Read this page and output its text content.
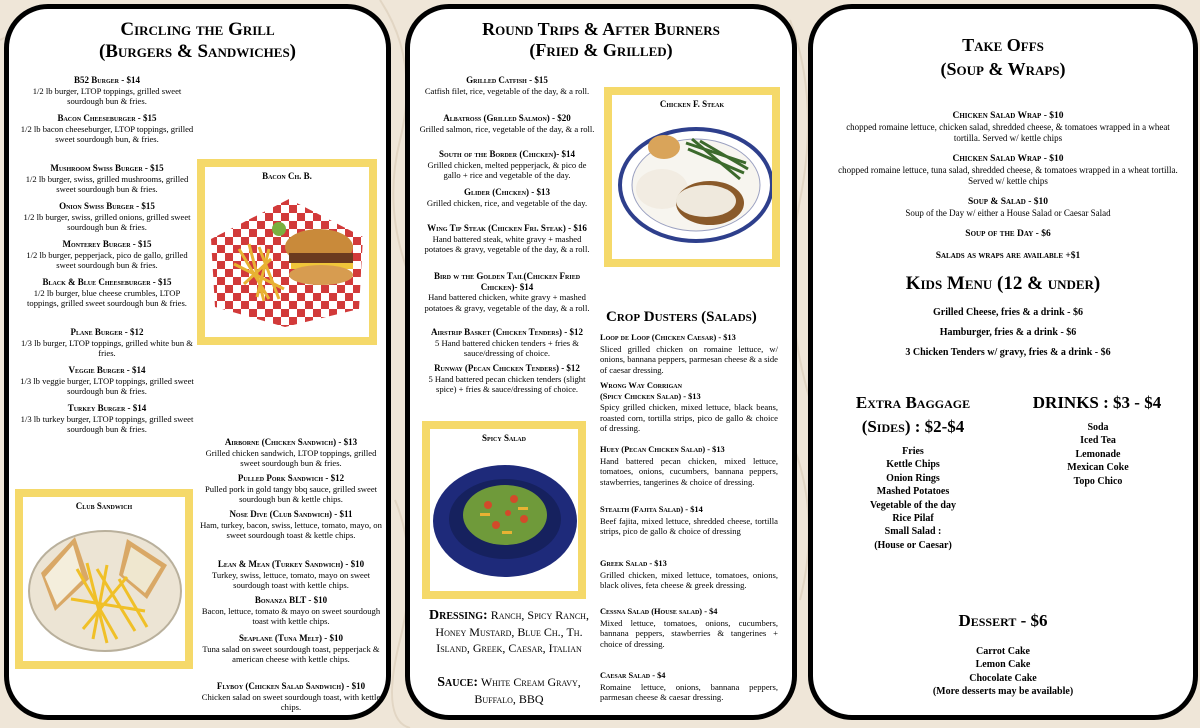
Circling the Grill
(Burgers & Sandwiches)
B52 Burger - $14
1/2 lb burger, LTOP toppings, grilled sweet sourdough bun & fries.
Bacon Cheeseburger - $15
1/2 lb bacon cheeseburger, LTOP toppings, grilled sweet sourdough bun, & fries.
Mushroom Swiss Burger - $15
1/2 lb burger, swiss, grilled mushrooms, grilled sweet sourdough bun & fries.
Onion Swiss Burger - $15
1/2 lb burger, swiss, grilled onions, grilled sweet sourdough bun & fries.
Monterey Burger - $15
1/2 lb burger, pepperjack, pico de gallo, grilled sweet sourdough bun & fries.
Black & Blue Cheeseburger - $15
1/2 lb burger, blue cheese crumbles, LTOP toppings, grilled sweet sourdough bun & fries.
Plane Burger - $12
1/3 lb burger, LTOP toppings, grilled white bun & fries.
Veggie Burger - $14
1/3 lb veggie burger, LTOP toppings, grilled sweet sourdough bun & fries.
Turkey Burger - $14
1/3 lb turkey burger, LTOP toppings, grilled sweet sourdough bun & fries.
Bacon Ch. B.
Club Sandwich
Airborne (Chicken Sandwich) - $13
Grilled chicken sandwich, LTOP toppings, grilled sweet sourdough bun & fries.
Pulled Pork Sandwich - $12
Pulled pork in gold tangy bbq sauce, grilled sweet sourdough bun & kettle chips.
Nose Dive (Club Sandwich) - $11
Ham, turkey, bacon, swiss, lettuce, tomato, mayo, on sweet sourdough toast & kettle chips.
Lean & Mean (Turkey Sandwich) - $10
Turkey, swiss, lettuce, tomato, mayo on sweet sourdough toast with kettle chips.
Bonanza BLT - $10
Bacon, lettuce, tomato & mayo on sweet sourdough toast with kettle chips.
Seaplane (Tuna Melt) - $10
Tuna salad on sweet sourdough toast, pepperjack & american cheese with kettle chips.
Flyboy (Chicken Salad Sandwich) - $10
Chicken salad on sweet sourdough toast, with kettle chips.
Round Trips & After Burners
(Fried & Grilled)
Grilled Catfish - $15
Catfish filet, rice, vegetable of the day, & a roll.
Albatross (Grilled Salmon) - $20
Grilled salmon, rice, vegetable of the day, & a roll.
South of the Border (Chicken)- $14
Grilled chicken, melted pepperjack, & pico de gallo + rice and vegetable of the day.
Glider (Chicken) - $13
Grilled chicken, rice, and vegetable of the day.
Wing Tip Steak (Chicken Fri. Steak) - $16
Hand battered steak, white gravy + mashed potatoes & gravy, vegetable of the day, & a roll.
Bird w the Golden Tail(Chicken Fried Chicken)- $14
Hand battered chicken, white gravy + mashed potatoes & gravy, vegetable of the day, & a roll.
Airstrip Basket (Chicken Tenders) - $12
5 Hand battered chicken tenders + fries & sauce/dressing of choice.
Runway (Pecan Chicken Tenders) - $12
5 Hand battered pecan chicken tenders (slight spice) + fries & sauce/dressing of choice.
Chicken F. Steak
Spicy Salad
Crop Dusters (Salads)
Loop de Loop (Chicken Caesar) - $13
Sliced grilled chicken on romaine lettuce, w/ onions, bannana peppers, parmesan cheese & a side of caesar dressing.
Wrong Way Corrigan
(Spicy Chicken Salad) - $13
Spicy grilled chicken, mixed lettuce, black beans, roasted corn, tortilla strips, pico de gallo & choice of dressing.
Huey (Pecan Chicken Salad) - $13
Hand battered pecan chicken, mixed lettuce, tomatoes, onions, cucumbers, bannana peppers, stawberries, tangerines & choice of dressing.
Stealth (Fajita Salad) - $14
Beef fajita, mixed lettuce, shredded cheese, tortilla strips, pico de gallo & choice of dressing
Greek Salad - $13
Grilled chicken, mixed lettuce, tomatoes, onions, black olives, feta cheese & greek dressing.
Cessna Salad (House salad) - $4
Mixed lettuce, tomatoes, onions, cucumbers, bannana peppers, stawberries & tangerines + choice of dressing.
Caesar Salad - $4
Romaine lettuce, onions, bannana peppers, parmesan cheese & caesar dressing.
Dressing: Ranch, Spicy Ranch, Honey Mustard, Blue Ch., Th. Island, Greek, Caesar, Italian
Sauce: White Cream Gravy, Buffalo, BBQ
Take Offs
(Soup & Wraps)
Chicken Salad Wrap - $10
chopped romaine lettuce, chicken salad, shredded cheese, & tomatoes wrapped in a wheat tortilla. Served w/ kettle chips
Chicken Salad Wrap - $10
chopped romaine lettuce, tuna salad, shredded cheese, & tomatoes wrapped in a wheat tortilla. Served w/ kettle chips
Soup & Salad - $10
Soup of the Day w/ either a House Salad or Caesar Salad
Soup of the Day - $6
Salads as wraps are available +$1
Kids Menu (12 & under)
Grilled Cheese, fries & a drink - $6
Hamburger, fries & a drink - $6
3 Chicken Tenders w/ gravy, fries & a drink - $6
Extra Baggage
(Sides) : $2-$4
Fries
Kettle Chips
Onion Rings
Mashed Potatoes
Vegetable of the day
Rice Pilaf
Small Salad :
(House or Caesar)
DRINKS : $3 - $4
Soda
Iced Tea
Lemonade
Mexican Coke
Topo Chico
Dessert - $6
Carrot Cake
Lemon Cake
Chocolate Cake
(More desserts may be available)
